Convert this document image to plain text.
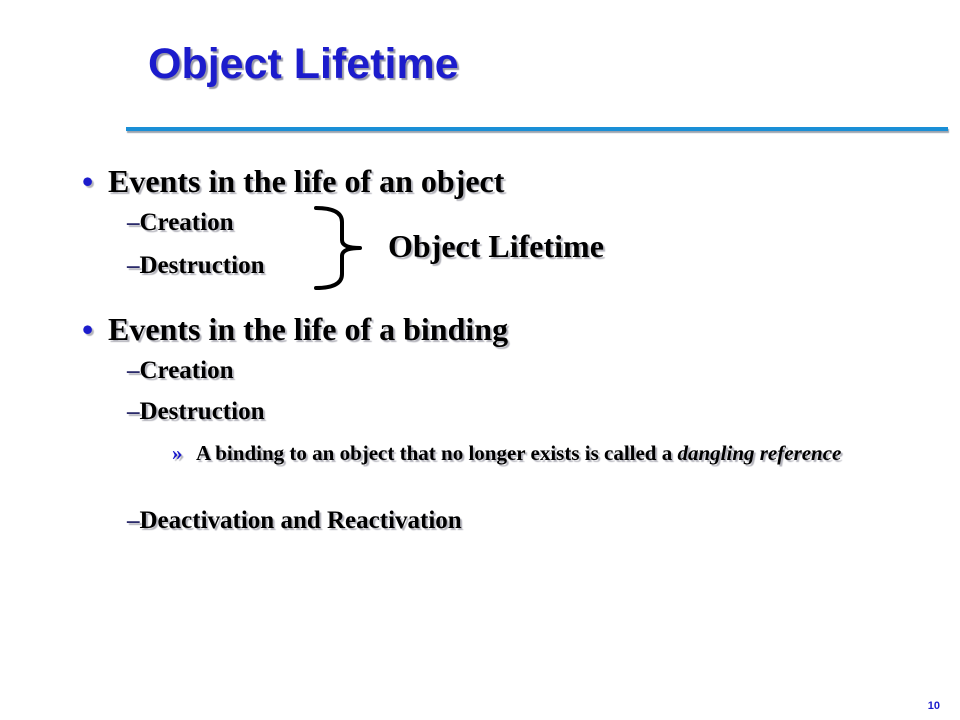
Object Lifetime
• Events in the life of an object
–Creation
–Destruction
Object Lifetime
• Events in the life of a binding
–Creation
–Destruction
» A binding to an object that no longer exists is called a dangling reference
–Deactivation and Reactivation
10
